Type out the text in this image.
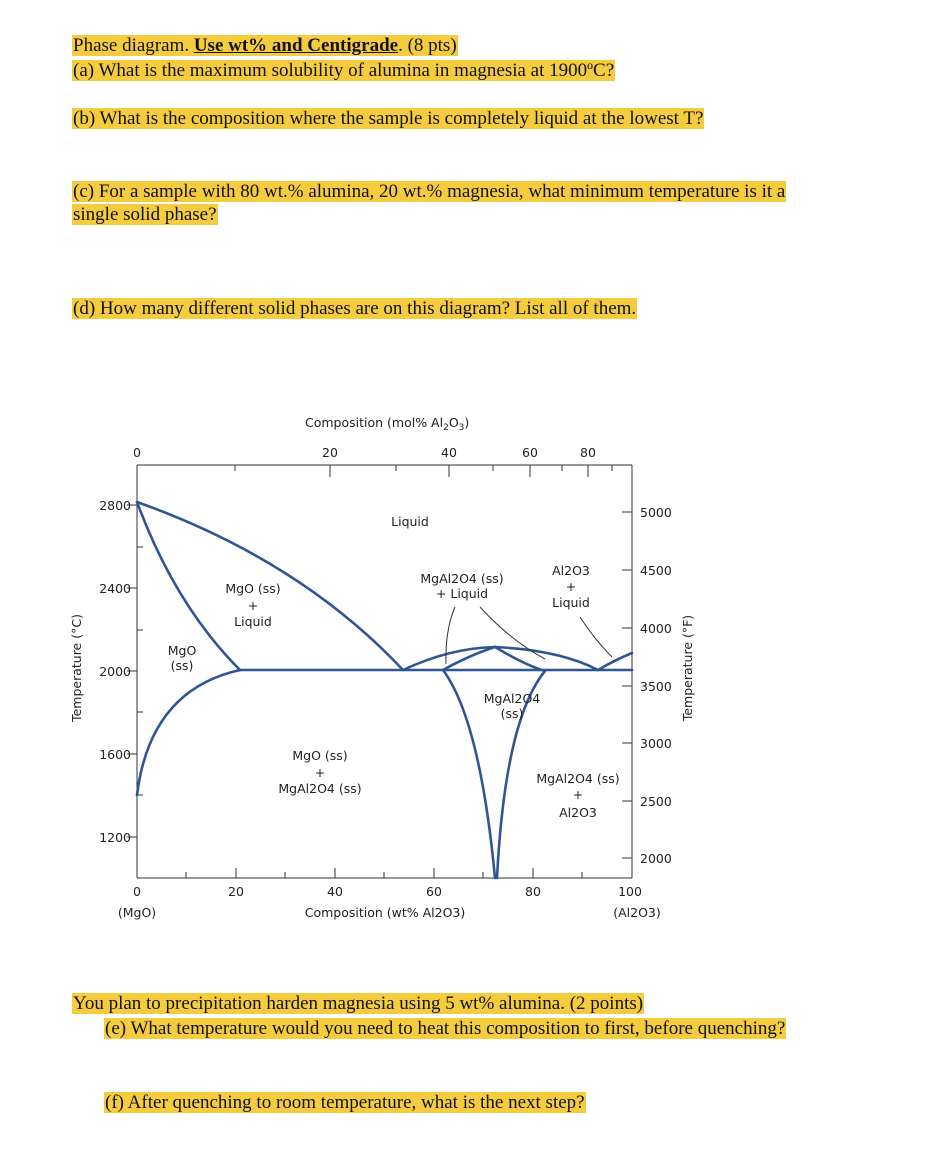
Phase diagram. Use wt% and Centigrade. (8 pts)
(a) What is the maximum solubility of alumina in magnesia at 1900ºC?
(b) What is the composition where the sample is completely liquid at the lowest T?
(c) For a sample with 80 wt.% alumina, 20 wt.% magnesia, what minimum temperature is it a
single solid phase?
(d) How many different solid phases are on this diagram? List all of them.
Composition (mol% $Al_2O_3$)
0	20	40	60	80
2800
2400
2000
1600
1200
Temperature (°C)
5000
4500
4000
3500
3000
2500
2000
Temperature (°F)
0	20	40	60	80	100
(MgO)	(Al2O3)
Composition (wt% Al2O3)
Liquid
MgO (ss)
+
Liquid
MgO
(ss)
MgAl2O4 (ss)
+ Liquid
Al2O3
+
Liquid
MgAl2O4
(ss)
MgO (ss)
+
MgAl2O4 (ss)
MgAl2O4 (ss)
+
Al2O3
You plan to precipitation harden magnesia using 5 wt% alumina. (2 points)
(e) What temperature would you need to heat this composition to first, before quenching?
(f) After quenching to room temperature, what is the next step?
